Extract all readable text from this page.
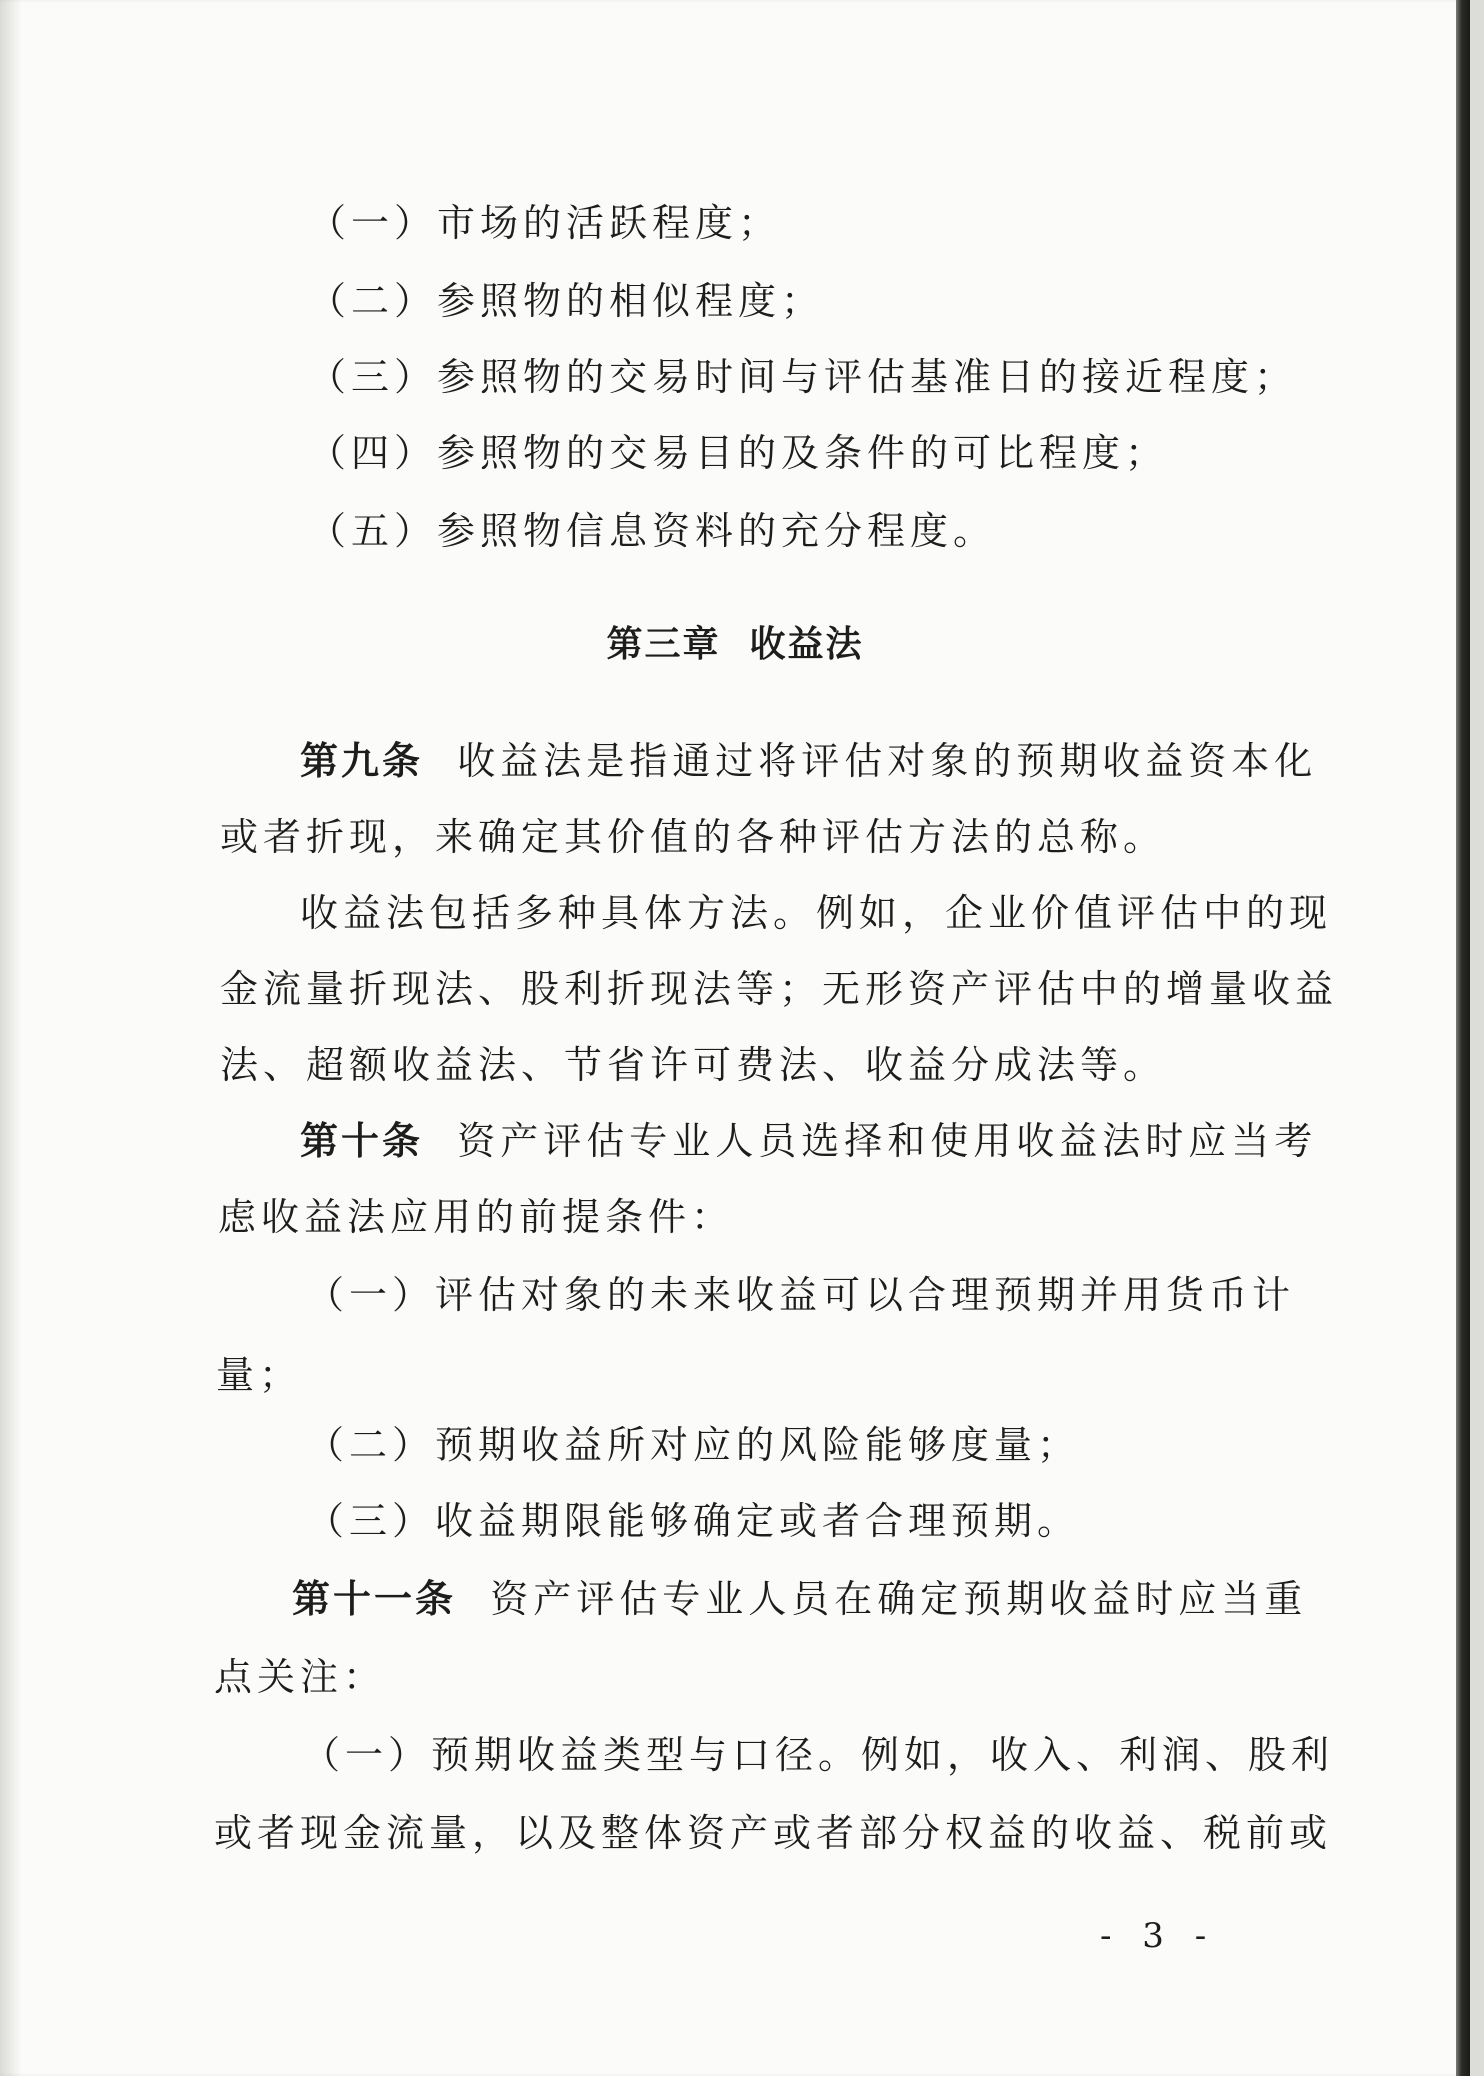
（一）市场的活跃程度；
（二）参照物的相似程度；
（三）参照物的交易时间与评估基准日的接近程度；
（四）参照物的交易目的及条件的可比程度；
（五）参照物信息资料的充分程度。
第三章  收益法
第九条 收益法是指通过将评估对象的预期收益资本化
或者折现，来确定其价值的各种评估方法的总称。
收益法包括多种具体方法。例如，企业价值评估中的现
金流量折现法、股利折现法等；无形资产评估中的增量收益
法、超额收益法、节省许可费法、收益分成法等。
第十条 资产评估专业人员选择和使用收益法时应当考
虑收益法应用的前提条件：
（一）评估对象的未来收益可以合理预期并用货币计
量；
（二）预期收益所对应的风险能够度量；
（三）收益期限能够确定或者合理预期。
第十一条 资产评估专业人员在确定预期收益时应当重
点关注：
（一）预期收益类型与口径。例如，收入、利润、股利
或者现金流量，以及整体资产或者部分权益的收益、税前或
- 3 -
